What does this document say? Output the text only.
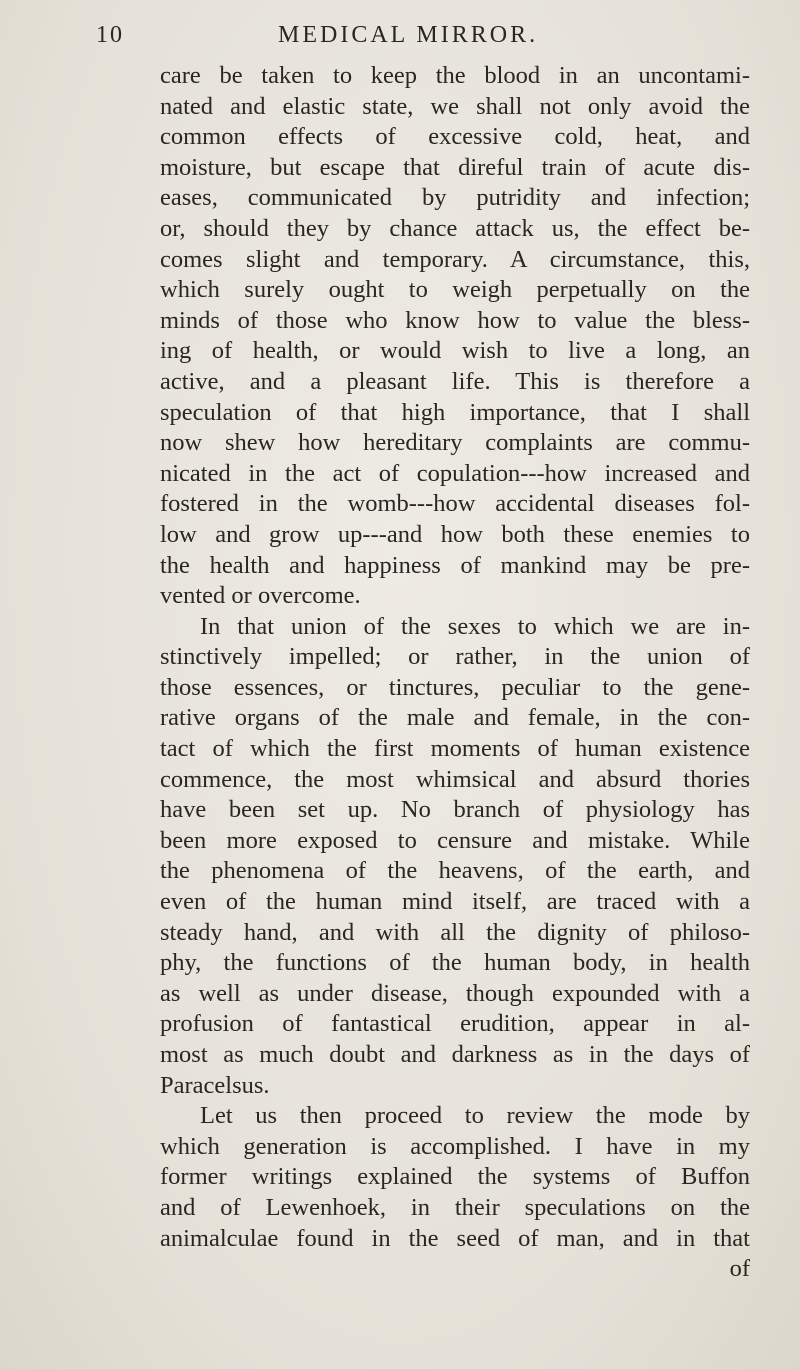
10	MEDICAL MIRROR.
care be taken to keep the blood in an uncontami-
nated and elastic state, we shall not only avoid the
common effects of excessive cold, heat, and
moisture, but escape that direful train of acute dis-
eases, communicated by putridity and infection;
or, should they by chance attack us, the effect be-
comes slight and temporary. A circumstance, this,
which surely ought to weigh perpetually on the
minds of those who know how to value the bless-
ing of health, or would wish to live a long, an
active, and a pleasant life. This is therefore a
speculation of that high importance, that I shall
now shew how hereditary complaints are commu-
nicated in the act of copulation---how increased and
fostered in the womb---how accidental diseases fol-
low and grow up---and how both these enemies to
the health and happiness of mankind may be pre-
vented or overcome.
In that union of the sexes to which we are in-
stinctively impelled; or rather, in the union of
those essences, or tinctures, peculiar to the gene-
rative organs of the male and female, in the con-
tact of which the first moments of human existence
commence, the most whimsical and absurd thories
have been set up. No branch of physiology has
been more exposed to censure and mistake. While
the phenomena of the heavens, of the earth, and
even of the human mind itself, are traced with a
steady hand, and with all the dignity of philoso-
phy, the functions of the human body, in health
as well as under disease, though expounded with a
profusion of fantastical erudition, appear in al-
most as much doubt and darkness as in the days of
Paracelsus.
Let us then proceed to review the mode by
which generation is accomplished. I have in my
former writings explained the systems of Buffon
and of Lewenhoek, in their speculations on the
animalculae found in the seed of man, and in that
of
